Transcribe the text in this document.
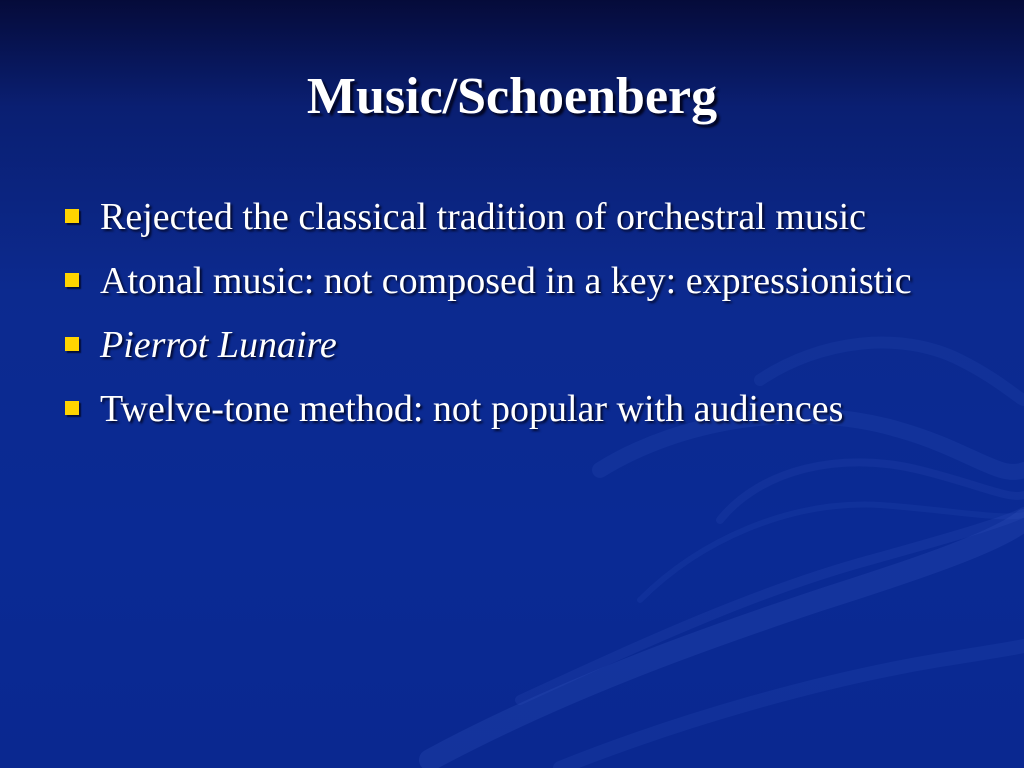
Music/Schoenberg
Rejected the classical tradition of orchestral music
Atonal music: not composed in a key: expressionistic
Pierrot Lunaire
Twelve-tone method: not popular with audiences
